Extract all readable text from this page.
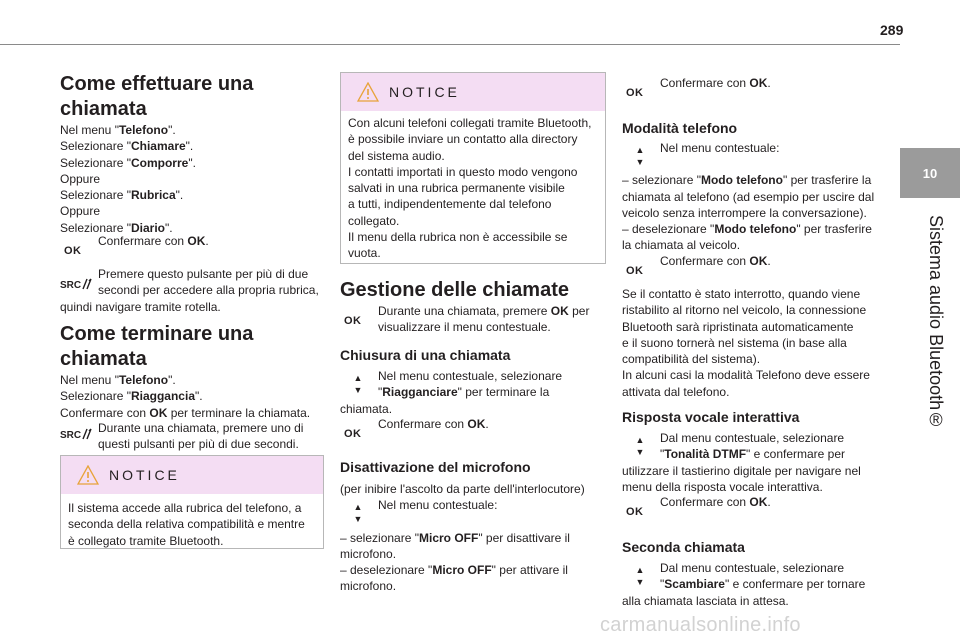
289
10
Sistema audio Bluetooth®
Come effettuare una
chiamata

Nel menu "Telefono".

Selezionare "Chiamare".

Selezionare "Comporre".

Oppure

Selezionare "Rubrica".

Oppure

Selezionare "Diario".

OK

Confermare con OK.

SRC

Premere questo pulsante per più di due

secondi per accedere alla propria rubrica,

quindi navigare tramite rotella.

Come terminare una
chiamata

Nel menu "Telefono".

Selezionare "Riaggancia".

Confermare con OK per terminare la chiamata.

SRC

Durante una chiamata, premere uno di

questi pulsanti per più di due secondi.

NOTICE

Il sistema accede alla rubrica del telefono, a

seconda della relativa compatibilità e mentre

è collegato tramite Bluetooth.

NOTICE

Con alcuni telefoni collegati tramite Bluetooth,

è possibile inviare un contatto alla directory

del sistema audio.

I contatti importati in questo modo vengono

salvati in una rubrica permanente visibile

a tutti, indipendentemente dal telefono

collegato.

Il menu della rubrica non è accessibile se

vuota.

Gestione delle chiamate
OK

Durante una chiamata, premere OK per

visualizzare il menu contestuale.

Chiusura di una chiamata
▲
▼

Nel menu contestuale, selezionare

"Riagganciare" per terminare la

chiamata.

OK

Confermare con OK.

Disattivazione del microfono

(per inibire l'ascolto da parte dell'interlocutore)

▲
▼

Nel menu contestuale:

– selezionare "Micro OFF" per disattivare il

microfono.

– deselezionare "Micro OFF" per attivare il

microfono.

OK

Confermare con OK.

Modalità telefono
▲
▼

Nel menu contestuale:

– selezionare "Modo telefono" per trasferire la

chiamata al telefono (ad esempio per uscire dal

veicolo senza interrompere la conversazione).

– deselezionare "Modo telefono" per trasferire

la chiamata al veicolo.

OK

Confermare con OK.

Se il contatto è stato interrotto, quando viene

ristabilito al ritorno nel veicolo, la connessione

Bluetooth sarà ripristinata automaticamente

e il suono tornerà nel sistema (in base alla

compatibilità del sistema).

In alcuni casi la modalità Telefono deve essere

attivata dal telefono.

Risposta vocale interattiva
▲
▼

Dal menu contestuale, selezionare

"Tonalità DTMF" e confermare per

utilizzare il tastierino digitale per navigare nel

menu della risposta vocale interattiva.

OK

Confermare con OK.

Seconda chiamata
▲
▼

Dal menu contestuale, selezionare

"Scambiare" e confermare per tornare

alla chiamata lasciata in attesa.

carmanualsonline.info
